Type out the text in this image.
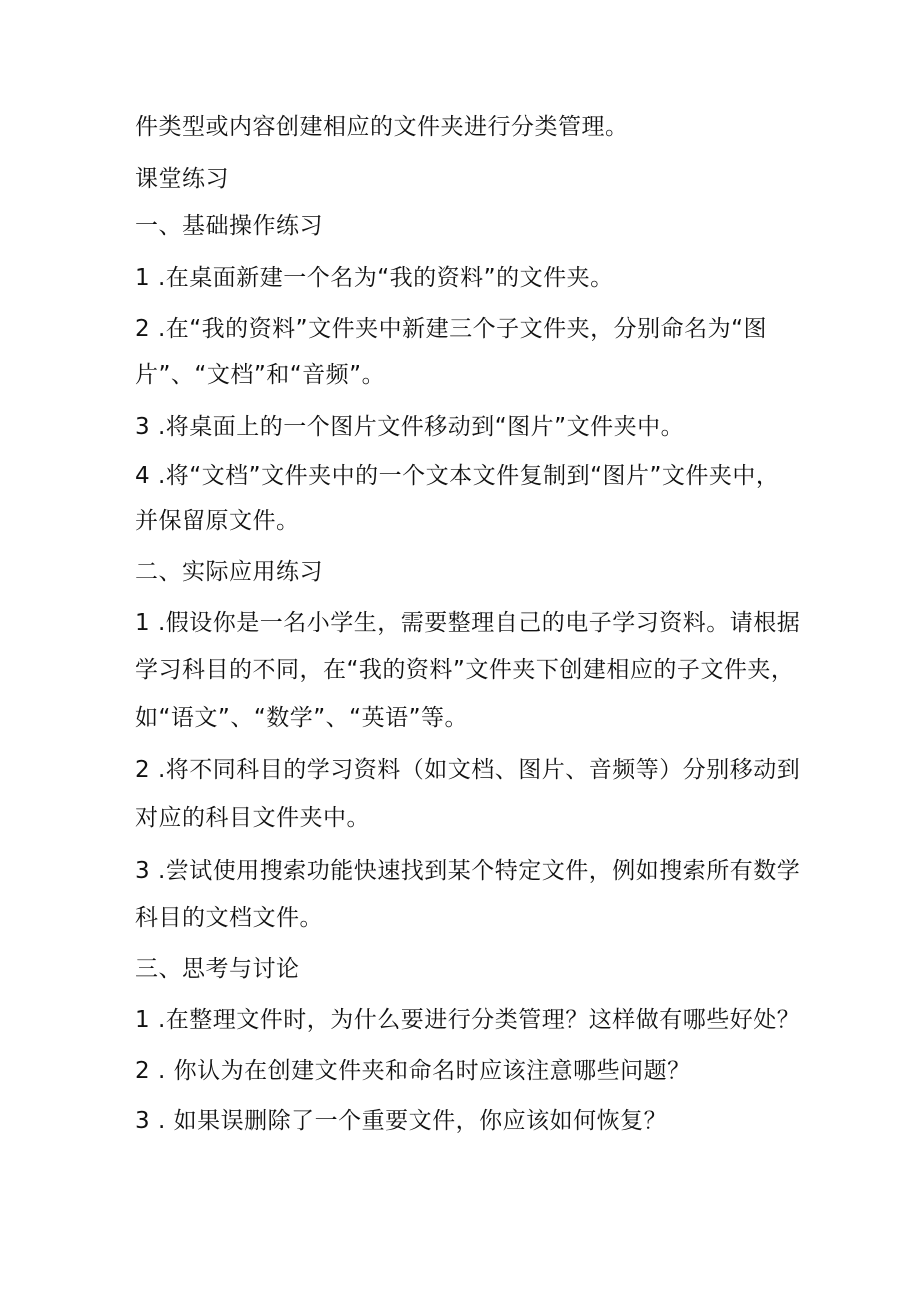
件类型或内容创建相应的文件夹进行分类管理。
课堂练习
一、基础操作练习
1 .在桌面新建一个名为“我的资料”的文件夹。
2 .在“我的资料”文件夹中新建三个子文件夹，分别命名为“图
片”、“文档”和“音频”。
3 .将桌面上的一个图片文件移动到“图片”文件夹中。
4 .将“文档”文件夹中的一个文本文件复制到“图片”文件夹中，
并保留原文件。
二、实际应用练习
1 .假设你是一名小学生，需要整理自己的电子学习资料。请根据
学习科目的不同，在“我的资料”文件夹下创建相应的子文件夹，
如“语文”、“数学”、“英语”等。
2 .将不同科目的学习资料（如文档、图片、音频等）分别移动到
对应的科目文件夹中。
3 .尝试使用搜索功能快速找到某个特定文件，例如搜索所有数学
科目的文档文件。
三、思考与讨论
1 .在整理文件时，为什么要进行分类管理？这样做有哪些好处？
2 . 你认为在创建文件夹和命名时应该注意哪些问题？
3 . 如果误删除了一个重要文件，你应该如何恢复？
